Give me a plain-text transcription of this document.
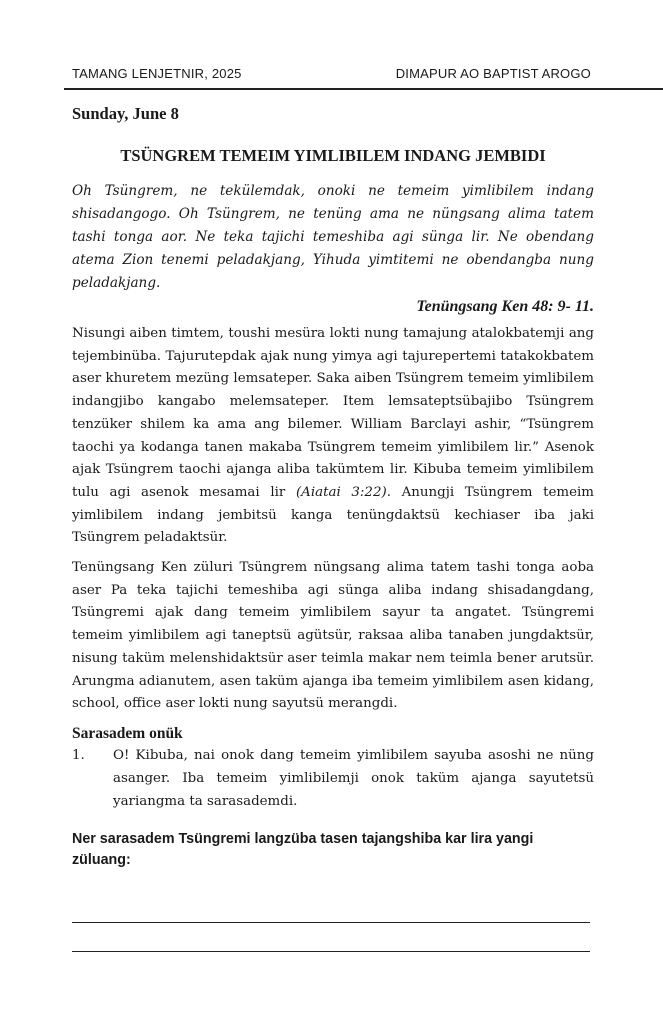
TAMANG LENJETNIR, 2025	DIMAPUR AO BAPTIST AROGO

Sunday, June 8

TSÜNGREM TEMEIM YIMLIBILEM INDANG JEMBIDI

Oh Tsüngrem, ne tekülemdak, onoki ne temeim yimlibilem indang shisadangogo. Oh Tsüngrem, ne tenüng ama ne nüngsang alima tatem tashi tonga aor. Ne teka tajichi temeshiba agi sünga lir. Ne obendang atema Zion tenemi peladakjang, Yihuda yimtitemi ne obendangba nung peladakjang.

Tenüngsang Ken 48: 9- 11.

Nisungi aiben timtem, toushi mesüra lokti nung tamajung atalokbatemji ang tejembinüba. Tajurutepdak ajak nung yimya agi tajurepertemi tatakokbatem aser khuretem mezüng lemsateper. Saka aiben Tsüngrem temeim yimlibilem indangjibo kangabo melemsateper. Item lemsateptsübajibo Tsüngrem tenzüker shilem ka ama ang bilemer. William Barclayi ashir, “Tsüngrem taochi ya kodanga tanen makaba Tsüngrem temeim yimlibilem lir.” Asenok ajak Tsüngrem taochi ajanga aliba takümtem lir. Kibuba temeim yimlibilem tulu agi asenok mesamai lir (Aiatai 3:22). Anungji Tsüngrem temeim yimlibilem indang jembitsü kanga tenüngdaktsü kechiaser iba jaki Tsüngrem peladaktsür.

Tenüngsang Ken züluri Tsüngrem nüngsang alima tatem tashi tonga aoba aser Pa teka tajichi temeshiba agi sünga aliba indang shisadangdang, Tsüngremi ajak dang temeim yimlibilem sayur ta angatet. Tsüngremi temeim yimlibilem agi taneptsü agütsür, raksaa aliba tanaben jungdaktsür, nisung taküm melenshidaktsür aser teimla makar nem teimla bener arutsür. Arungma adianutem, asen taküm ajanga iba temeim yimlibilem asen kidang, school, office aser lokti nung sayutsü merangdi.

Sarasadem onük

1.	O! Kibuba, nai onok dang temeim yimlibilem sayuba asoshi ne nüng asanger. Iba temeim yimlibilemji onok taküm ajanga sayutetsü yariangma ta sarasademdi.

Ner sarasadem Tsüngremi langzüba tasen tajangshiba kar lira yangi züluang:
